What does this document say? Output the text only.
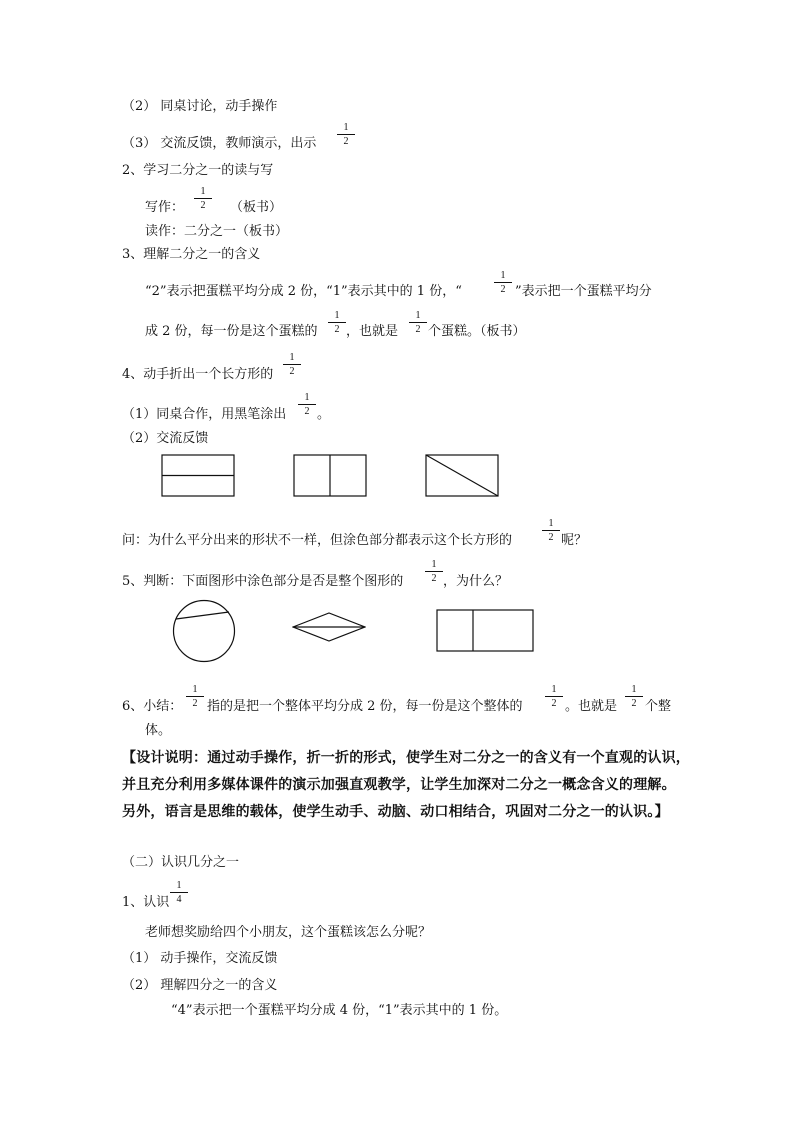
（2） 同桌讨论，动手操作
（3） 交流反馈，教师演示，出示 $\frac{1}{2}$
2、学习二分之一的读与写
写作： $\frac{1}{2}$ （板书）
读作：二分之一（板书）
3、理解二分之一的含义
“2”表示把蛋糕平均分成 2 份，“1”表示其中的 1 份，“	$\frac{1}{2}$ ”表示把一个蛋糕平均分
成 2 份，每一份是这个蛋糕的 $\frac{1}{2}$ ，也就是 $\frac{1}{2}$ 个蛋糕。（板书）
4、动手折出一个长方形的 $\frac{1}{2}$
（1）同桌合作，用黑笔涂出 $\frac{1}{2}$ 。
（2）交流反馈
问：为什么平分出来的形状不一样，但涂色部分都表示这个长方形的	$\frac{1}{2}$ 呢？
5、判断：下面图形中涂色部分是否是整个图形的 $\frac{1}{2}$ ，为什么？
6、小结： $\frac{1}{2}$ 指的是把一个整体平均分成 2 份，每一份是这个整体的 $\frac{1}{2}$ 。也就是 $\frac{1}{2}$ 个整
体。
【设计说明：通过动手操作，折一折的形式，使学生对二分之一的含义有一个直观的认识，
并且充分利用多媒体课件的演示加强直观教学，让学生加深对二分之一概念含义的理解。
另外，语言是思维的载体，使学生动手、动脑、动口相结合，巩固对二分之一的认识。】
（二）认识几分之一
1、认识 $\frac{1}{4}$
老师想奖励给四个小朋友，这个蛋糕该怎么分呢？
（1） 动手操作，交流反馈
（2） 理解四分之一的含义
“4”表示把一个蛋糕平均分成 4 份，“1”表示其中的 1 份。
